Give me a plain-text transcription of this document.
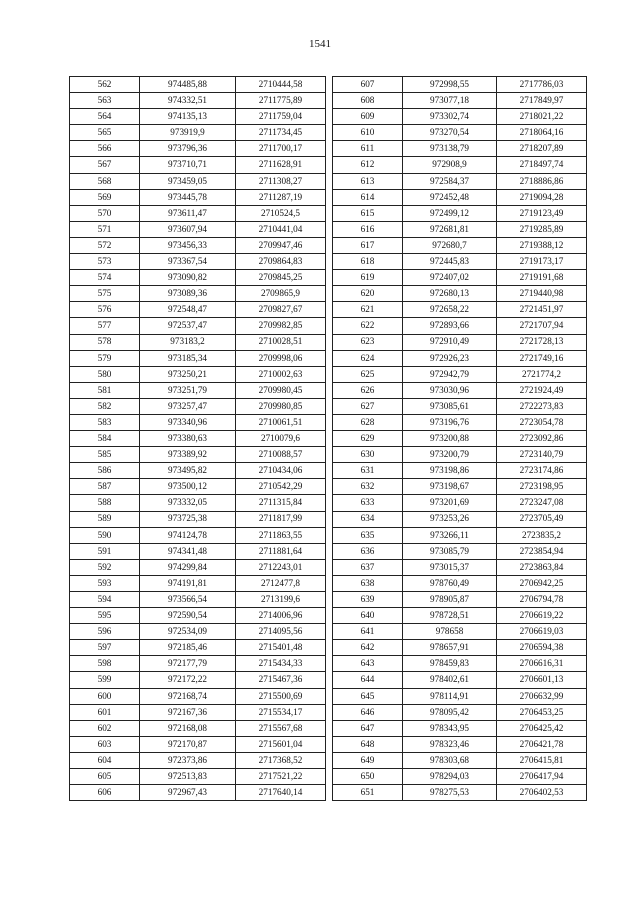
1541
562	974485,88	2710444,58
563	974332,51	2711775,89
564	974135,13	2711759,04
565	973919,9	2711734,45
566	973796,36	2711700,17
567	973710,71	2711628,91
568	973459,05	2711308,27
569	973445,78	2711287,19
570	973611,47	2710524,5
571	973607,94	2710441,04
572	973456,33	2709947,46
573	973367,54	2709864,83
574	973090,82	2709845,25
575	973089,36	2709865,9
576	972548,47	2709827,67
577	972537,47	2709982,85
578	973183,2	2710028,51
579	973185,34	2709998,06
580	973250,21	2710002,63
581	973251,79	2709980,45
582	973257,47	2709980,85
583	973340,96	2710061,51
584	973380,63	2710079,6
585	973389,92	2710088,57
586	973495,82	2710434,06
587	973500,12	2710542,29
588	973332,05	2711315,84
589	973725,38	2711817,99
590	974124,78	2711863,55
591	974341,48	2711881,64
592	974299,84	2712243,01
593	974191,81	2712477,8
594	973566,54	2713199,6
595	972590,54	2714006,96
596	972534,09	2714095,56
597	972185,46	2715401,48
598	972177,79	2715434,33
599	972172,22	2715467,36
600	972168,74	2715500,69
601	972167,36	2715534,17
602	972168,08	2715567,68
603	972170,87	2715601,04
604	972373,86	2717368,52
605	972513,83	2717521,22
606	972967,43	2717640,14
607	972998,55	2717786,03
608	973077,18	2717849,97
609	973302,74	2718021,22
610	973270,54	2718064,16
611	973138,79	2718207,89
612	972908,9	2718497,74
613	972584,37	2718886,86
614	972452,48	2719094,28
615	972499,12	2719123,49
616	972681,81	2719285,89
617	972680,7	2719388,12
618	972445,83	2719173,17
619	972407,02	2719191,68
620	972680,13	2719440,98
621	972658,22	2721451,97
622	972893,66	2721707,94
623	972910,49	2721728,13
624	972926,23	2721749,16
625	972942,79	2721774,2
626	973030,96	2721924,49
627	973085,61	2722273,83
628	973196,76	2723054,78
629	973200,88	2723092,86
630	973200,79	2723140,79
631	973198,86	2723174,86
632	973198,67	2723198,95
633	973201,69	2723247,08
634	973253,26	2723705,49
635	973266,11	2723835,2
636	973085,79	2723854,94
637	973015,37	2723863,84
638	978760,49	2706942,25
639	978905,87	2706794,78
640	978728,51	2706619,22
641	978658	2706619,03
642	978657,91	2706594,38
643	978459,83	2706616,31
644	978402,61	2706601,13
645	978114,91	2706632,99
646	978095,42	2706453,25
647	978343,95	2706425,42
648	978323,46	2706421,78
649	978303,68	2706415,81
650	978294,03	2706417,94
651	978275,53	2706402,53
